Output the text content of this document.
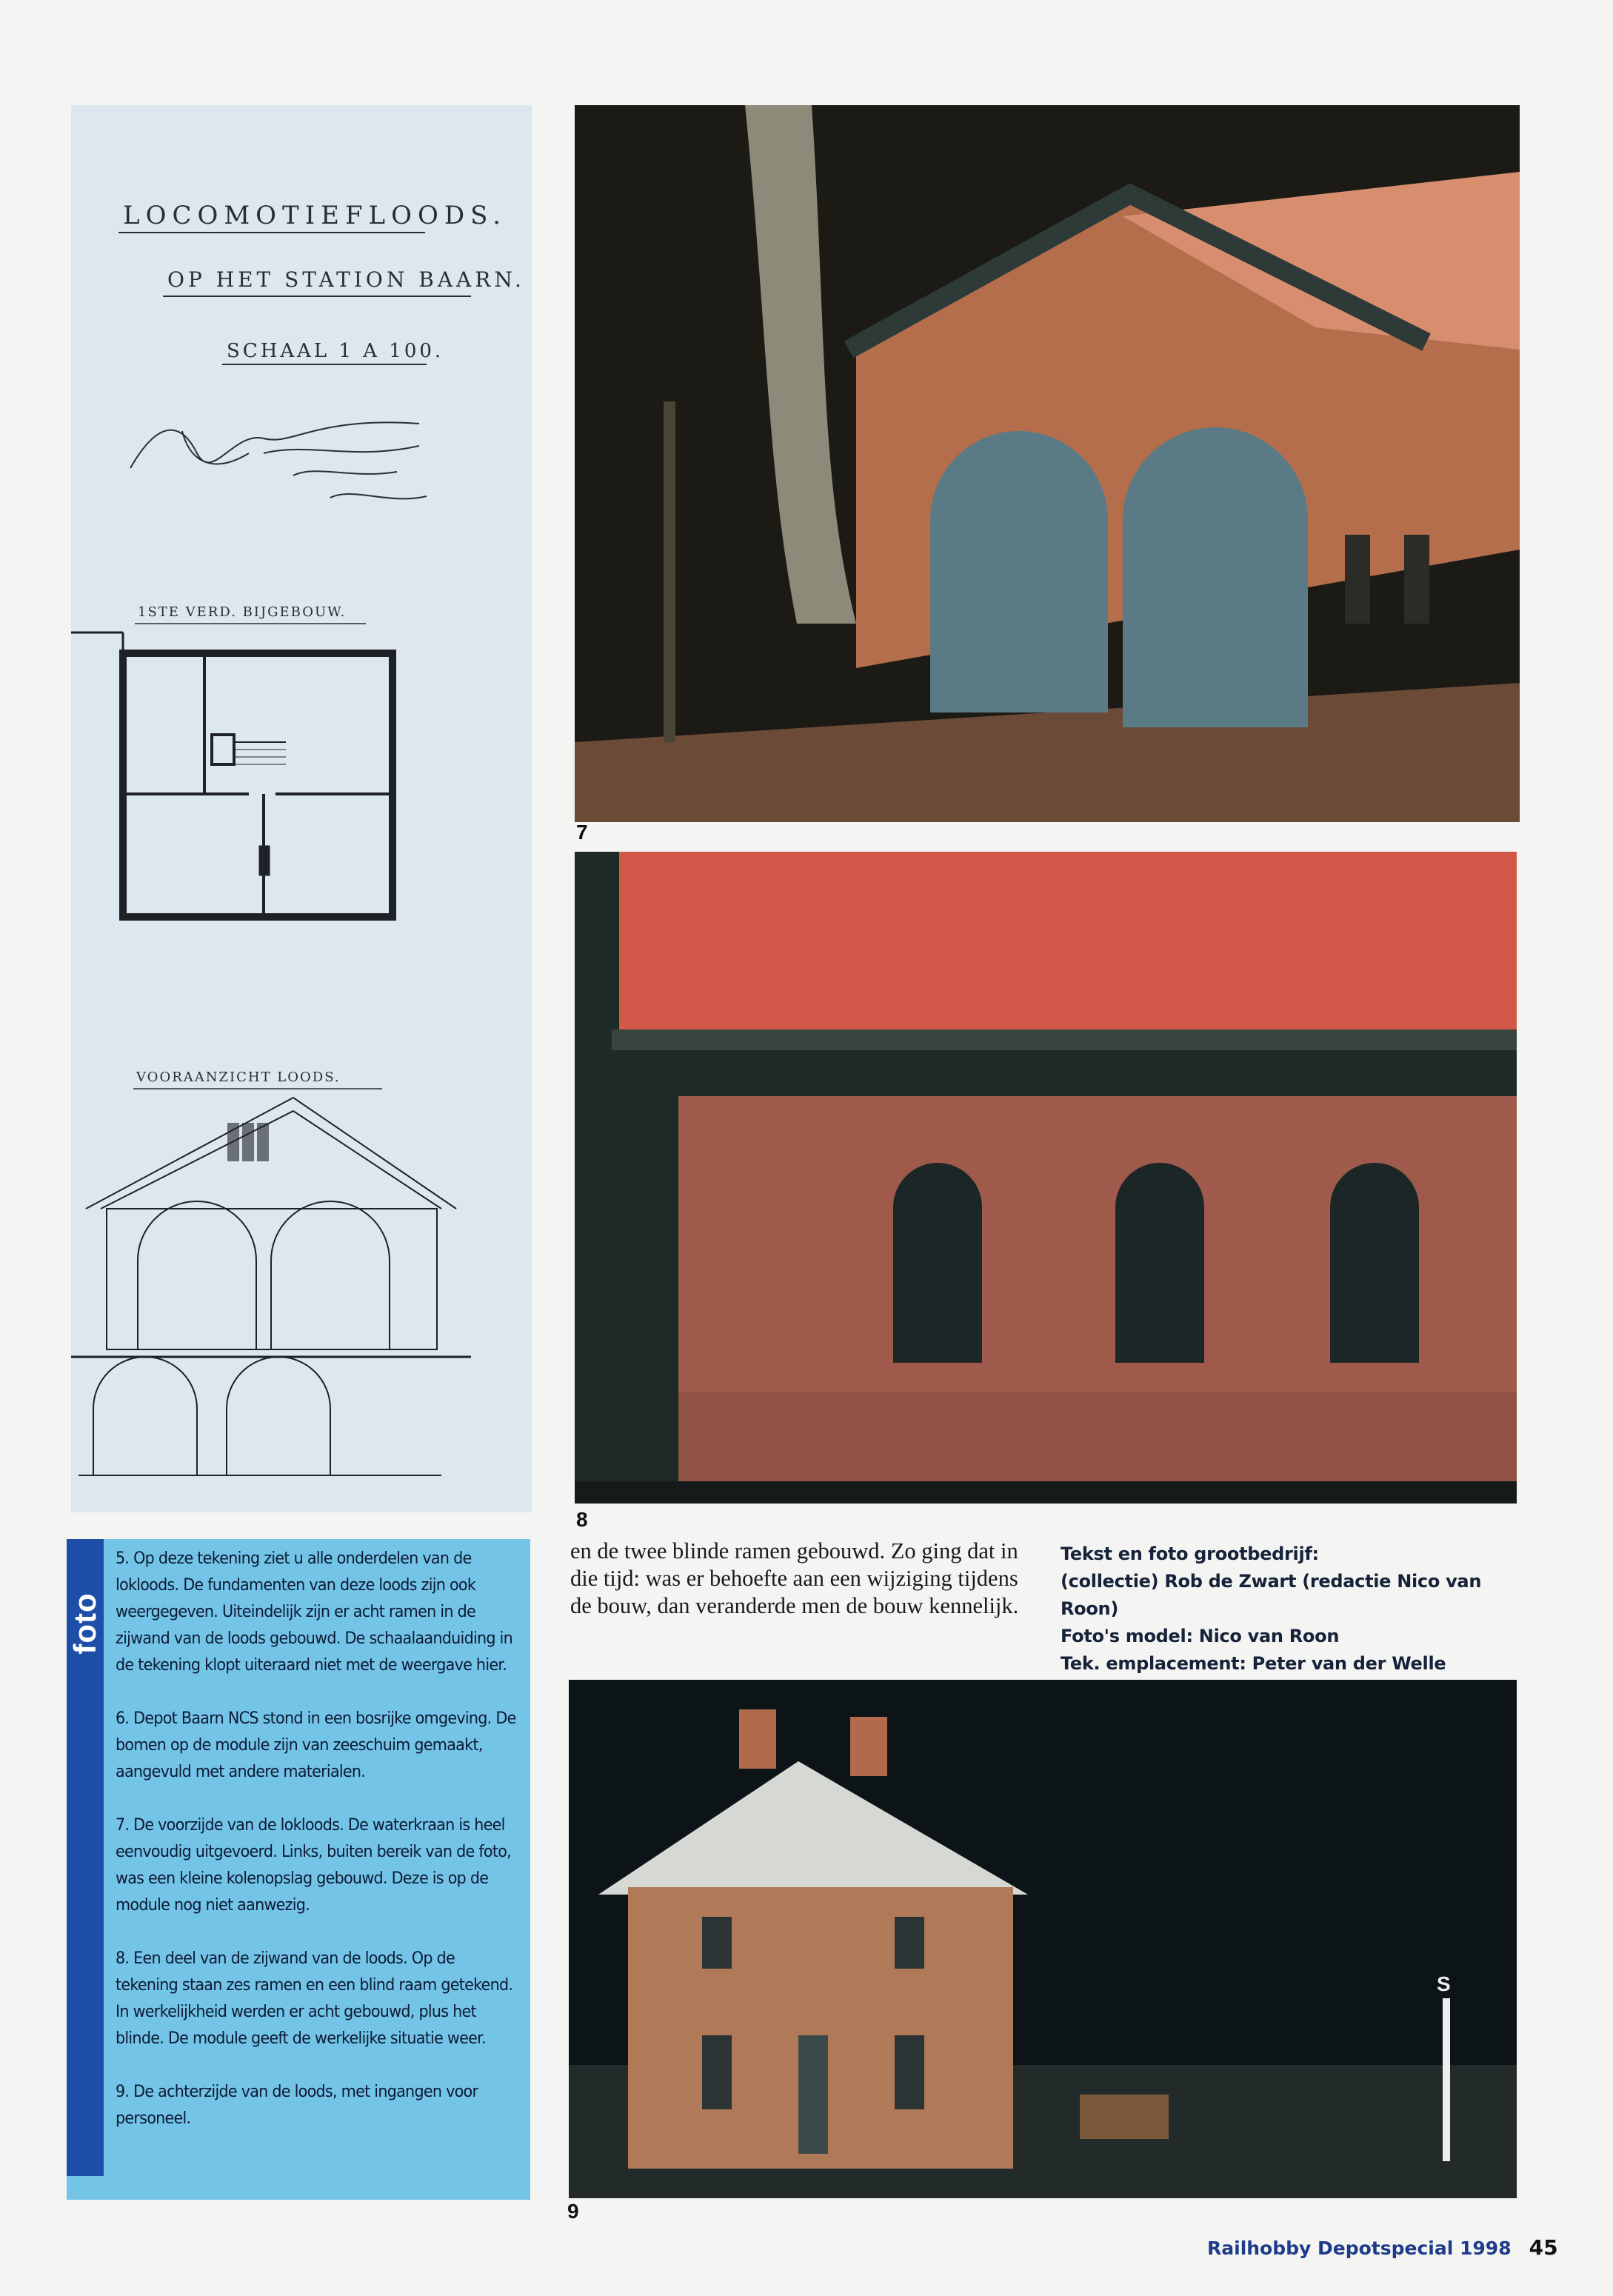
LOCOMOTIEFLOODS.
OP HET STATION BAARN.
SCHAAL 1 A 100.
1STE VERD. BIJGEBOUW.
VOORAANZICHT LOODS.
7
8
S
9
foto

5. Op deze tekening ziet u alle onderdelen van de lokloods. De fundamenten van deze loods zijn ook weergegeven. Uiteindelijk zijn er acht ramen in de zijwand van de loods gebouwd. De schaalaanduiding in de tekening klopt uiteraard niet met de weergave hier.

6. Depot Baarn NCS stond in een bosrijke omgeving. De bomen op de module zijn van zeeschuim gemaakt, aangevuld met andere materialen.

7. De voorzijde van de lokloods. De waterkraan is heel eenvoudig uitgevoerd. Links, buiten bereik van de foto, was een kleine kolenopslag gebouwd. Deze is op de module nog niet aanwezig.

8. Een deel van de zijwand van de loods. Op de tekening staan zes ramen en een blind raam getekend. In werkelijkheid werden er acht gebouwd, plus het blinde. De module geeft de werkelijke situatie weer.

9. De achterzijde van de loods, met ingangen voor personeel.

en de twee blinde ramen gebouwd. Zo ging dat in die tijd: was er behoefte aan een wijziging tijdens de bouw, dan veranderde men de bouw kennelijk.
Tekst en foto grootbedrijf:
(collectie) Rob de Zwart (redactie Nico van Roon)
Foto's model: Nico van Roon
Tek. emplacement: Peter van der Welle
Railhobby Depotspecial 1998 45
